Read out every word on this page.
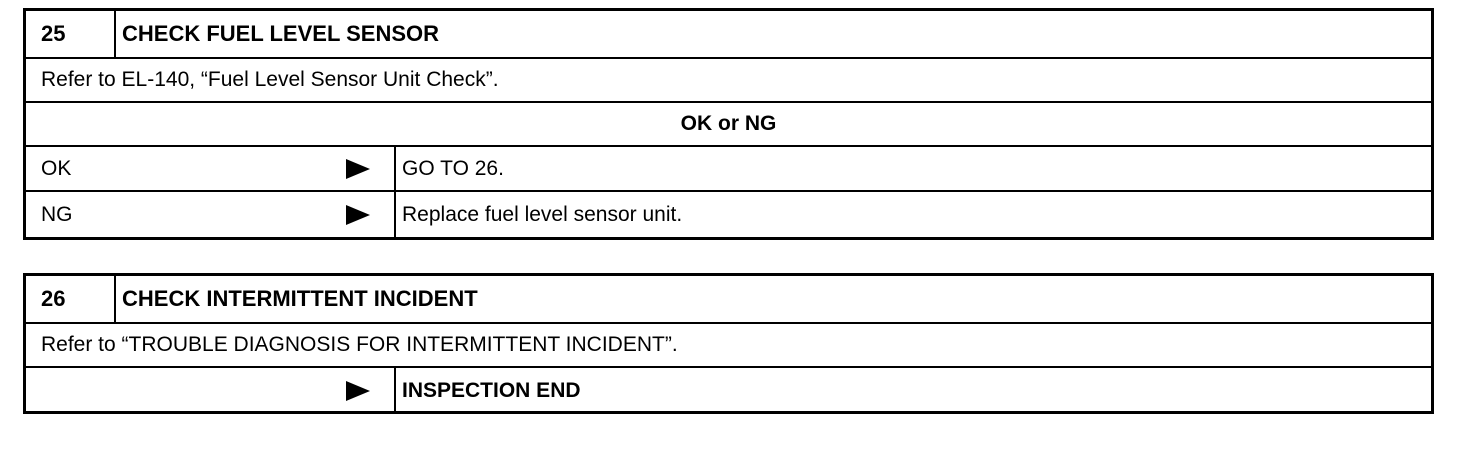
25	CHECK FUEL LEVEL SENSOR
Refer to EL-140, “Fuel Level Sensor Unit Check”.
OK or NG
OK	GO TO 26.
NG	Replace fuel level sensor unit.
26	CHECK INTERMITTENT INCIDENT
Refer to “TROUBLE DIAGNOSIS FOR INTERMITTENT INCIDENT”.
INSPECTION END
